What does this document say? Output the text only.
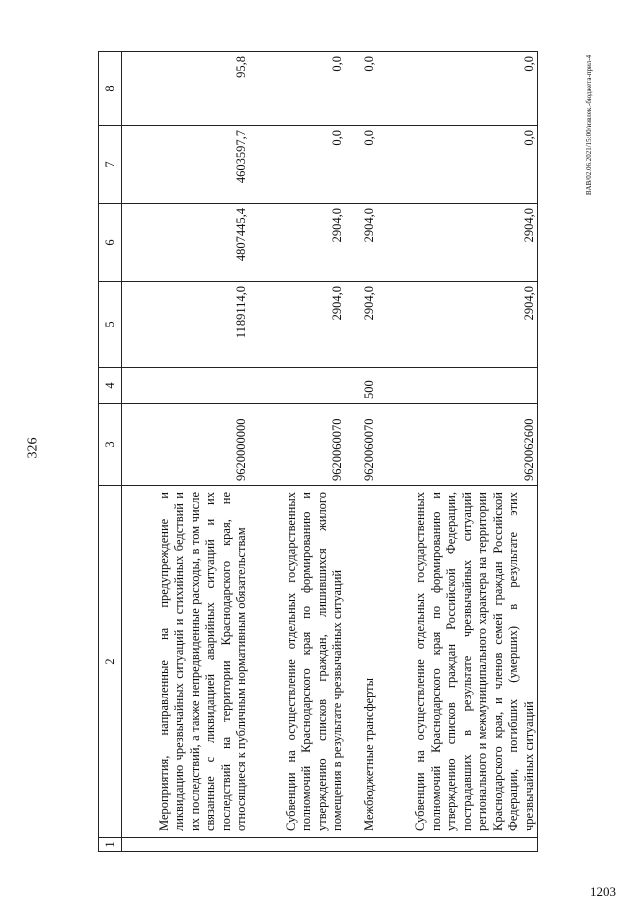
326
1203
BAB/02.06.2021/15:00/извлек.-бюджета-прил-4
1	2	3	4	5	6	7	8
	Мероприятия, направленные на предупреждение и ликвидацию чрезвычайных ситуаций и стихийных бедствий и их последствий, а также непредвиденные расходы, в том числе связанные с ликвидацией аварийных ситуаций и их последствий на территории Краснодарского края, не относящиеся к публичным нормативным обязательствам	9620000000		1189114,0	4807445,4	4603597,7	95,8
	Субвенции на осуществление отдельных государственных полномочий Краснодарского края по формированию и утверждению списков граждан, лишившихся жилого помещения в результате чрезвычайных ситуаций	9620060070		2904,0	2904,0	0,0	0,0
	Межбюджетные трансферты	9620060070	500	2904,0	2904,0	0,0	0,0
	Субвенции на осуществление отдельных государственных полномочий Краснодарского края по формированию и утверждению списков граждан Российской Федерации, пострадавших в результате чрезвычайных ситуаций регионального и межмуниципального характера на территории Краснодарского края, и членов семей граждан Российской Федерации, погибших (умерших) в результате этих чрезвычайных ситуаций	9620062600		2904,0	2904,0	0,0	0,0
